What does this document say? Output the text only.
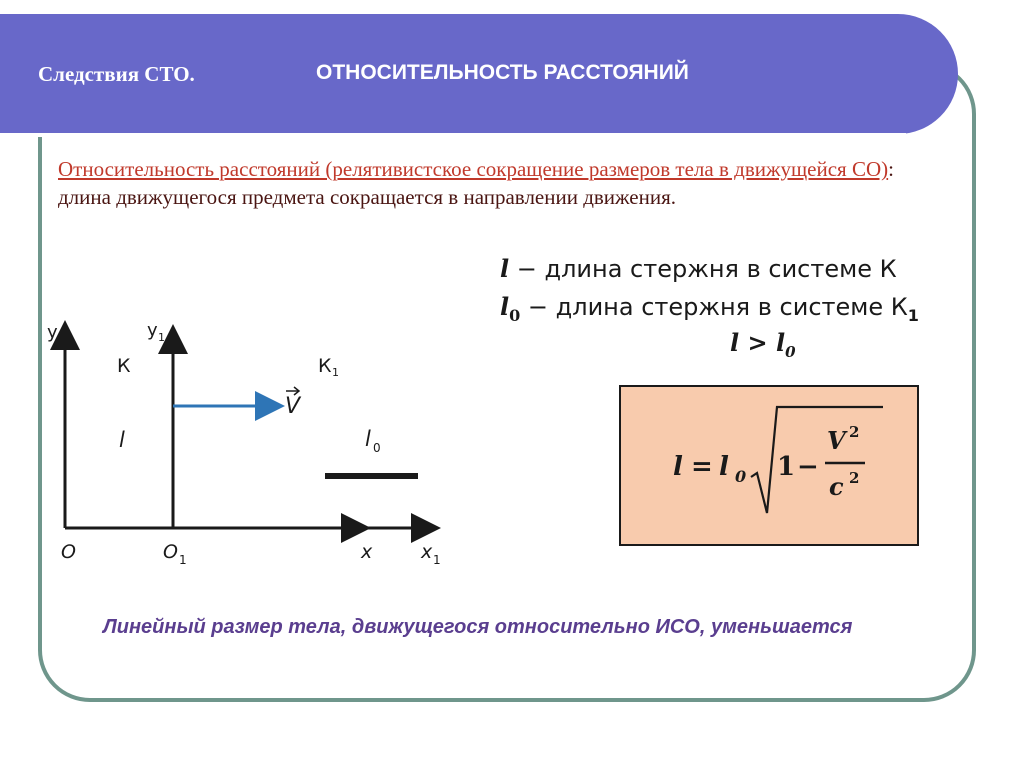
Следствия СТО.	ОТНОСИТЕЛЬНОСТЬ РАССТОЯНИЙ
Относительность расстояний (релятивистское сокращение размеров тела в движущейся СО): длина движущегося предмета сокращается в направлении движения.
l − длина стержня в системе К
$l_0$ − длина стержня в системе $К_1$
$l > l_0$
l = l 0 1 −
V 2
c 2
y	y 1
К	К 1
V
l	l 0
O	O 1	x	x 1
Линейный размер тела, движущегося относительно ИСО, уменьшается
